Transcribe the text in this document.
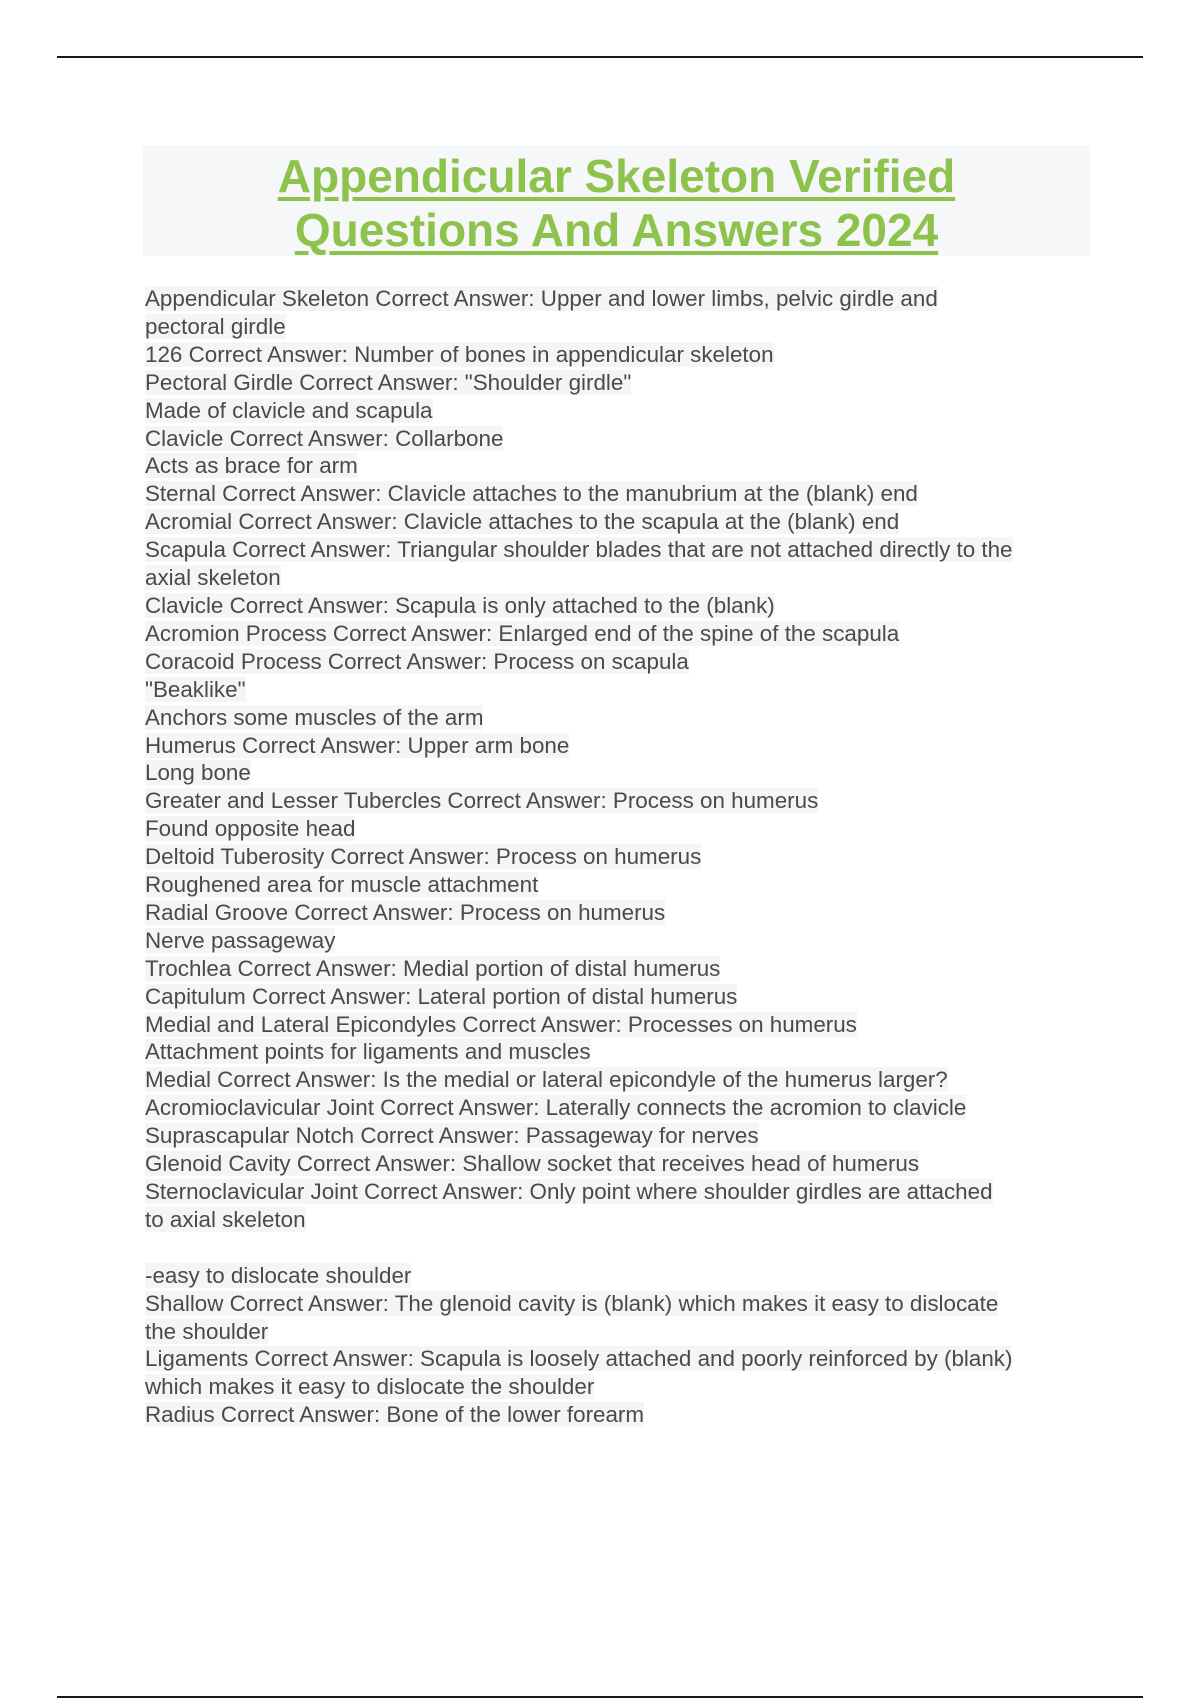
Appendicular Skeleton Verified
Questions And Answers 2024
Appendicular Skeleton Correct Answer: Upper and lower limbs, pelvic girdle and
pectoral girdle
126 Correct Answer: Number of bones in appendicular skeleton
Pectoral Girdle Correct Answer: "Shoulder girdle"
Made of clavicle and scapula
Clavicle Correct Answer: Collarbone
Acts as brace for arm
Sternal Correct Answer: Clavicle attaches to the manubrium at the (blank) end
Acromial Correct Answer: Clavicle attaches to the scapula at the (blank) end
Scapula Correct Answer: Triangular shoulder blades that are not attached directly to the
axial skeleton
Clavicle Correct Answer: Scapula is only attached to the (blank)
Acromion Process Correct Answer: Enlarged end of the spine of the scapula
Coracoid Process Correct Answer: Process on scapula
"Beaklike"
Anchors some muscles of the arm
Humerus Correct Answer: Upper arm bone
Long bone
Greater and Lesser Tubercles Correct Answer: Process on humerus
Found opposite head
Deltoid Tuberosity Correct Answer: Process on humerus
Roughened area for muscle attachment
Radial Groove Correct Answer: Process on humerus
Nerve passageway
Trochlea Correct Answer: Medial portion of distal humerus
Capitulum Correct Answer: Lateral portion of distal humerus
Medial and Lateral Epicondyles Correct Answer: Processes on humerus
Attachment points for ligaments and muscles
Medial Correct Answer: Is the medial or lateral epicondyle of the humerus larger?
Acromioclavicular Joint Correct Answer: Laterally connects the acromion to clavicle
Suprascapular Notch Correct Answer: Passageway for nerves
Glenoid Cavity Correct Answer: Shallow socket that receives head of humerus
Sternoclavicular Joint Correct Answer: Only point where shoulder girdles are attached
to axial skeleton
-easy to dislocate shoulder
Shallow Correct Answer: The glenoid cavity is (blank) which makes it easy to dislocate
the shoulder
Ligaments Correct Answer: Scapula is loosely attached and poorly reinforced by (blank)
which makes it easy to dislocate the shoulder
Radius Correct Answer: Bone of the lower forearm
